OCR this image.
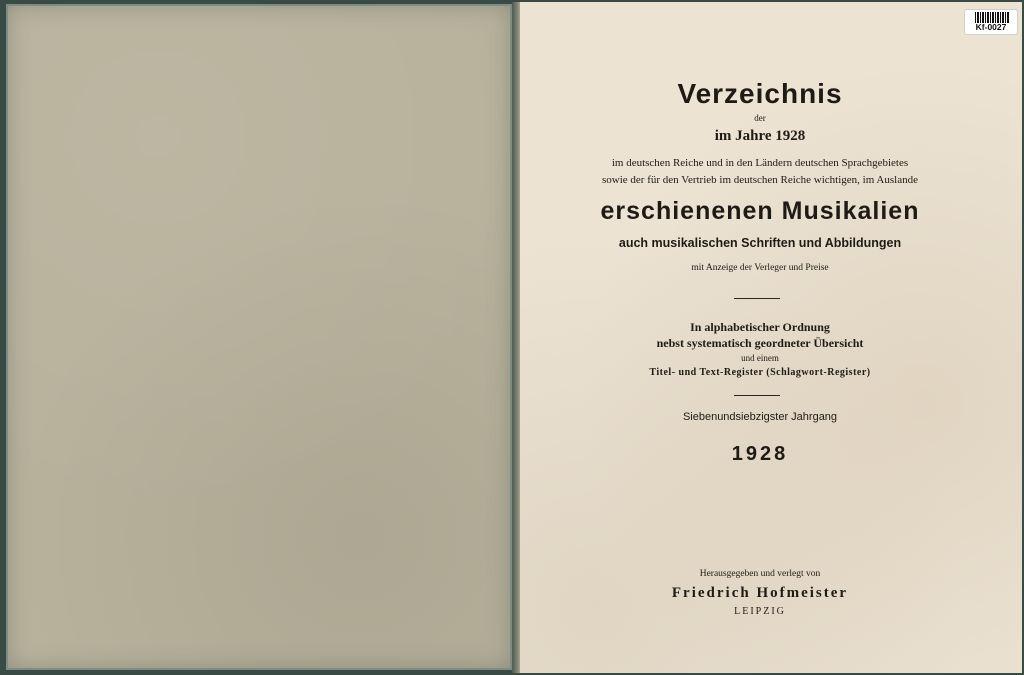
Kf-0027
Verzeichnis
der
im Jahre 1928
im deutschen Reiche und in den Ländern deutschen Sprachgebietes
sowie der für den Vertrieb im deutschen Reiche wichtigen, im Auslande
erschienenen Musikalien
auch musikalischen Schriften und Abbildungen
mit Anzeige der Verleger und Preise
In alphabetischer Ordnung
nebst systematisch geordneter Übersicht
und einem
Titel- und Text-Register (Schlagwort-Register)
Siebenundsiebzigster Jahrgang
1928
Herausgegeben und verlegt von
Friedrich Hofmeister
LEIPZIG
